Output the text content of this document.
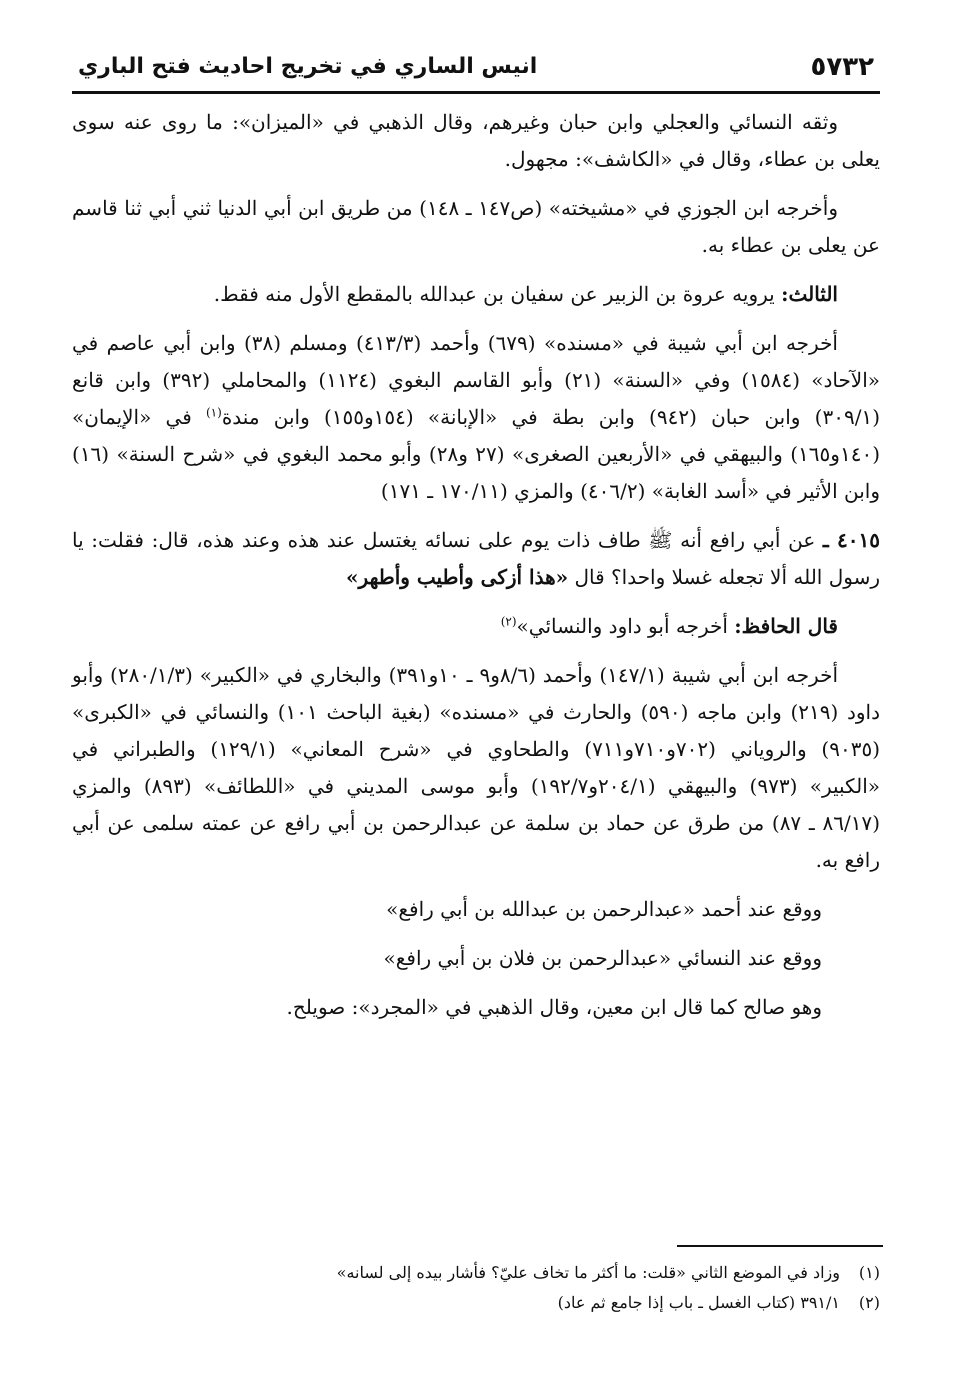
٥٧٣٢
انيس الساري في تخريج احاديث فتح الباري

وثقه النسائي والعجلي وابن حبان وغيرهم، وقال الذهبي في «الميزان»: ما روى عنه سوى يعلى بن عطاء، وقال في «الكاشف»: مجهول.

وأخرجه ابن الجوزي في «مشيخته» (ص١٤٧ ـ ١٤٨) من طريق ابن أبي الدنيا ثني أبي ثنا قاسم عن يعلى بن عطاء به.

الثالث: يرويه عروة بن الزبير عن سفيان بن عبدالله بالمقطع الأول منه فقط.

أخرجه ابن أبي شيبة في «مسنده» (٦٧٩) وأحمد (٤١٣/٣) ومسلم (٣٨) وابن أبي عاصم في «الآحاد» (١٥٨٤) وفي «السنة» (٢١) وأبو القاسم البغوي (١١٢٤) والمحاملي (٣٩٢) وابن قانع (٣٠٩/١) وابن حبان (٩٤٢) وابن بطة في «الإبانة» (١٥٤و١٥٥) وابن مندة$^{(١)}$ في «الإيمان» (١٤٠و١٦٥) والبيهقي في «الأربعين الصغرى» (٢٧ و٢٨) وأبو محمد البغوي في «شرح السنة» (١٦) وابن الأثير في «أسد الغابة» (٤٠٦/٢) والمزي (١٧٠/١١ ـ ١٧١)

٤٠١٥ ـ عن أبي رافع أنه ﷺ طاف ذات يوم على نسائه يغتسل عند هذه وعند هذه، قال: فقلت: يا رسول الله ألا تجعله غسلا واحدا؟ قال «هذا أزكى وأطيب وأطهر»

قال الحافظ: أخرجه أبو داود والنسائي»$^{(٢)}$

أخرجه ابن أبي شيبة (١٤٧/١) وأحمد (٨/٦و٩ ـ ١٠و٣٩١) والبخاري في «الكبير» (٢٨٠/١/٣) وأبو داود (٢١٩) وابن ماجه (٥٩٠) والحارث في «مسنده» (بغية الباحث ١٠١) والنسائي في «الكبرى» (٩٠٣٥) والروياني (٧٠٢و٧١٠و٧١١) والطحاوي في «شرح المعاني» (١٢٩/١) والطبراني في «الكبير» (٩٧٣) والبيهقي (٢٠٤/١و١٩٢/٧) وأبو موسى المديني في «اللطائف» (٨٩٣) والمزي (٨٦/١٧ ـ ٨٧) من طرق عن حماد بن سلمة عن عبدالرحمن بن أبي رافع عن عمته سلمى عن أبي رافع به.

ووقع عند أحمد «عبدالرحمن بن عبدالله بن أبي رافع»

ووقع عند النسائي «عبدالرحمن بن فلان بن أبي رافع»

وهو صالح كما قال ابن معين، وقال الذهبي في «المجرد»: صويلح.

(١)وزاد في الموضع الثاني «قلت: ما أكثر ما تخاف عليّ؟ فأشار بيده إلى لسانه»
(٢)٣٩١/١ (كتاب الغسل ـ باب إذا جامع ثم عاد)
